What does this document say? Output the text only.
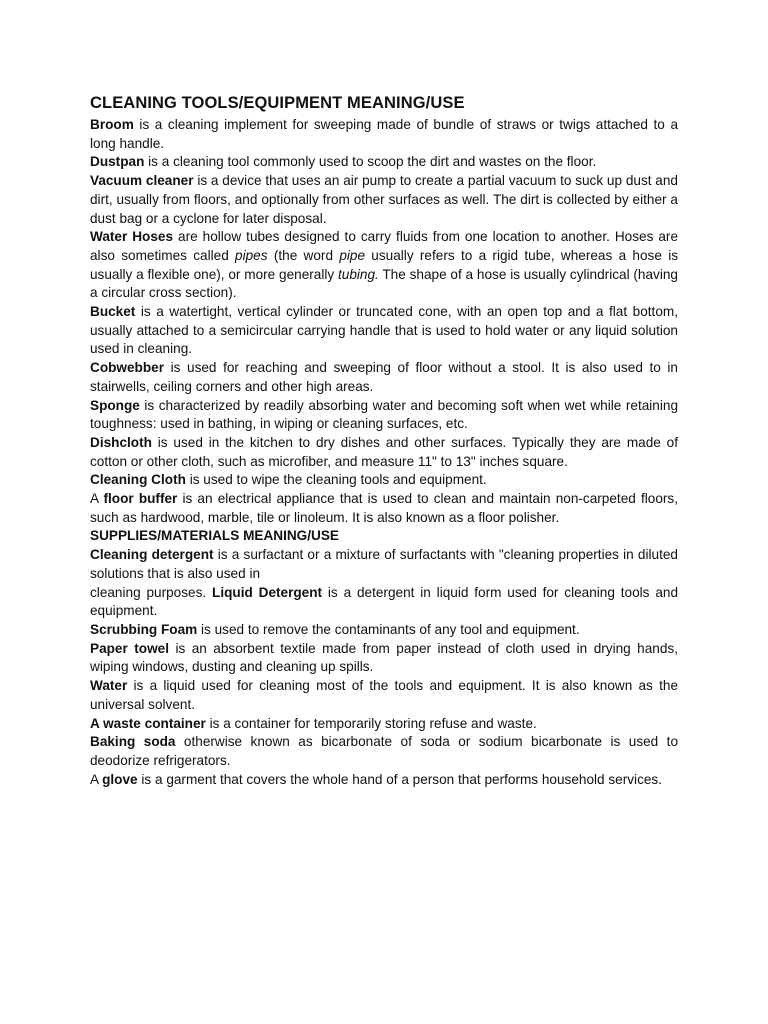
CLEANING TOOLS/EQUIPMENT MEANING/USE

Broom is a cleaning implement for sweeping made of bundle of straws or twigs attached to a long handle.

Dustpan is a cleaning tool commonly used to scoop the dirt and wastes on the floor.

Vacuum cleaner is a device that uses an air pump to create a partial vacuum to suck up dust and dirt, usually from floors, and optionally from other surfaces as well. The dirt is collected by either a dust bag or a cyclone for later disposal.

Water Hoses are hollow tubes designed to carry fluids from one location to another. Hoses are also sometimes called pipes (the word pipe usually refers to a rigid tube, whereas a hose is usually a flexible one), or more generally tubing. The shape of a hose is usually cylindrical (having a circular cross section).

Bucket is a watertight, vertical cylinder or truncated cone, with an open top and a flat bottom, usually attached to a semicircular carrying handle that is used to hold water or any liquid solution used in cleaning.

Cobwebber is used for reaching and sweeping of floor without a stool. It is also used to in stairwells, ceiling corners and other high areas.

Sponge is characterized by readily absorbing water and becoming soft when wet while retaining toughness: used in bathing, in wiping or cleaning surfaces, etc.

Dishcloth is used in the kitchen to dry dishes and other surfaces. Typically they are made of cotton or other cloth, such as microfiber, and measure 11" to 13" inches square.

Cleaning Cloth is used to wipe the cleaning tools and equipment.

A floor buffer is an electrical appliance that is used to clean and maintain non-carpeted floors, such as hardwood, marble, tile or linoleum. It is also known as a floor polisher.

SUPPLIES/MATERIALS MEANING/USE

Cleaning detergent is a surfactant or a mixture of surfactants with "cleaning properties in diluted solutions that is also used in

cleaning purposes. Liquid Detergent is a detergent in liquid form used for cleaning tools and equipment.

Scrubbing Foam is used to remove the contaminants of any tool and equipment.

Paper towel is an absorbent textile made from paper instead of cloth used in drying hands, wiping windows, dusting and cleaning up spills.

Water is a liquid used for cleaning most of the tools and equipment. It is also known as the universal solvent.

A waste container is a container for temporarily storing refuse and waste.

Baking soda otherwise known as bicarbonate of soda or sodium bicarbonate is used to deodorize refrigerators.

A glove is a garment that covers the whole hand of a person that performs household services.
